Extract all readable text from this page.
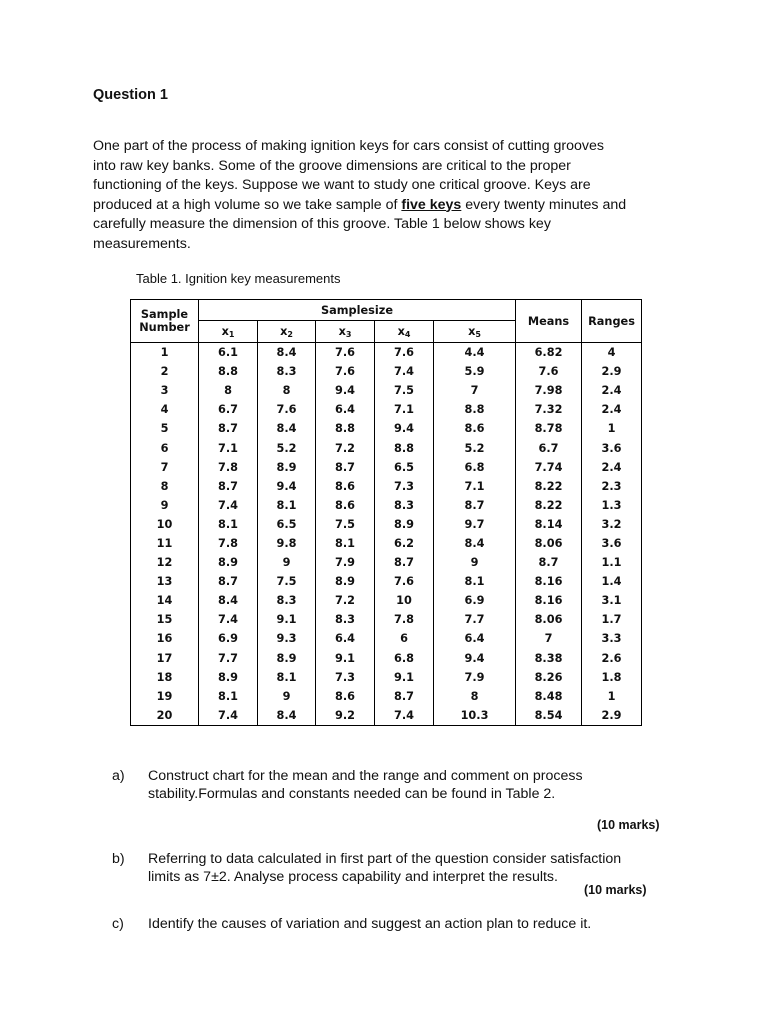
Question 1
One part of the process of making ignition keys for cars consist of cutting grooves
into raw key banks. Some of the groove dimensions are critical to the proper
functioning of the keys. Suppose we want to study one critical groove. Keys are
produced at a high volume so we take sample of five keys every twenty minutes and
carefully measure the dimension of this groove. Table 1 below shows key
measurements.
Table 1. Ignition key measurements
Sample
Number	Samplesize					Means	Ranges
	$x_1$	$x_2$	$x_3$	$x_4$	$x_5$
1	6.1	8.4	7.6	7.6	4.4	6.82	4
2	8.8	8.3	7.6	7.4	5.9	7.6	2.9
3	8	8	9.4	7.5	7	7.98	2.4
4	6.7	7.6	6.4	7.1	8.8	7.32	2.4
5	8.7	8.4	8.8	9.4	8.6	8.78	1
6	7.1	5.2	7.2	8.8	5.2	6.7	3.6
7	7.8	8.9	8.7	6.5	6.8	7.74	2.4
8	8.7	9.4	8.6	7.3	7.1	8.22	2.3
9	7.4	8.1	8.6	8.3	8.7	8.22	1.3
10	8.1	6.5	7.5	8.9	9.7	8.14	3.2
11	7.8	9.8	8.1	6.2	8.4	8.06	3.6
12	8.9	9	7.9	8.7	9	8.7	1.1
13	8.7	7.5	8.9	7.6	8.1	8.16	1.4
14	8.4	8.3	7.2	10	6.9	8.16	3.1
15	7.4	9.1	8.3	7.8	7.7	8.06	1.7
16	6.9	9.3	6.4	6	6.4	7	3.3
17	7.7	8.9	9.1	6.8	9.4	8.38	2.6
18	8.9	8.1	7.3	9.1	7.9	8.26	1.8
19	8.1	9	8.6	8.7	8	8.48	1
20	7.4	8.4	9.2	7.4	10.3	8.54	2.9
a) Construct chart for the mean and the range and comment on process
stability.Formulas and constants needed can be found in Table 2.
(10 marks)
b) Referring to data calculated in first part of the question consider satisfaction
limits as 7±2. Analyse process capability and interpret the results.
(10 marks)
c) Identify the causes of variation and suggest an action plan to reduce it.
